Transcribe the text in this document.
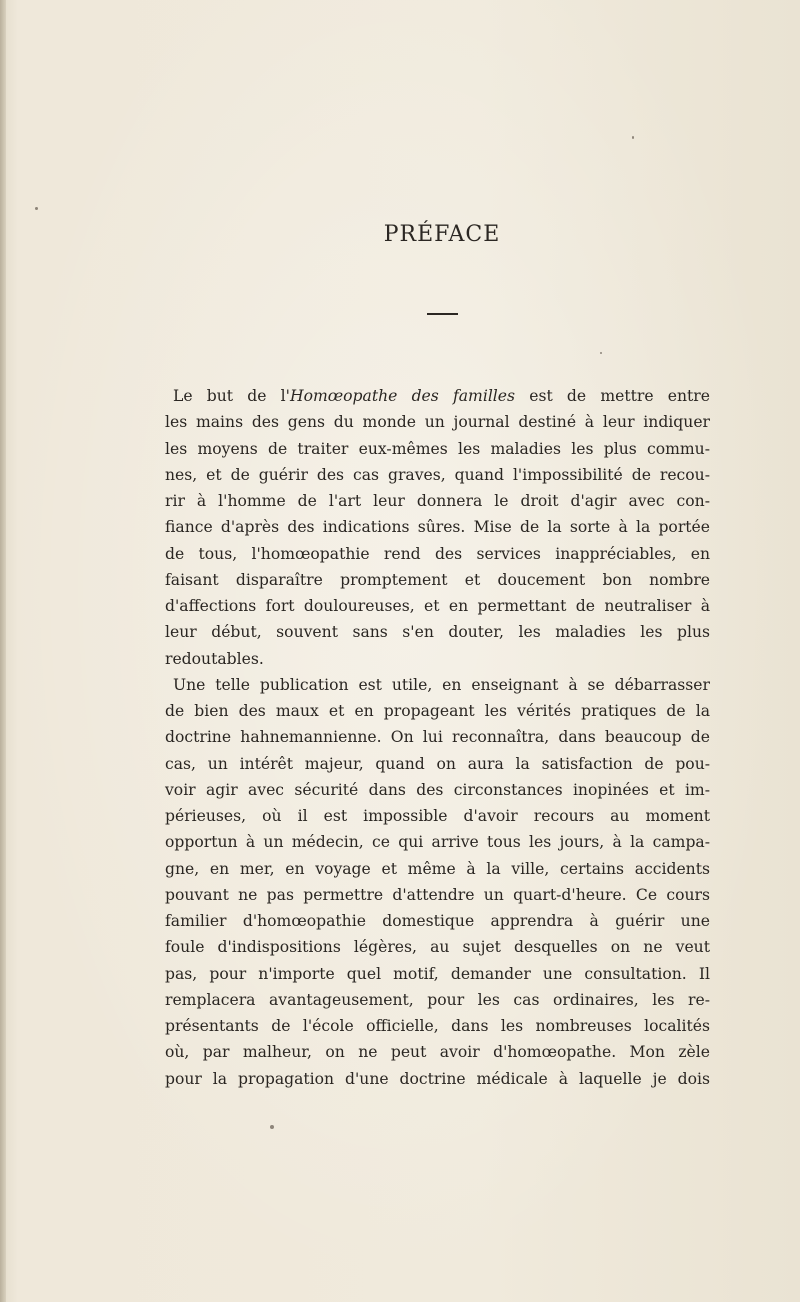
PRÉFACE
Le but de l'Homœopathe des familles est de mettre entre
les mains des gens du monde un journal destiné à leur indiquer
les moyens de traiter eux-mêmes les maladies les plus commu-
nes, et de guérir des cas graves, quand l'impossibilité de recou-
rir à l'homme de l'art leur donnera le droit d'agir avec con-
fiance d'après des indications sûres. Mise de la sorte à la portée
de tous, l'homœopathie rend des services inappréciables, en
faisant disparaître promptement et doucement bon nombre
d'affections fort douloureuses, et en permettant de neutraliser à
leur début, souvent sans s'en douter, les maladies les plus
redoutables.
Une telle publication est utile, en enseignant à se débarrasser
de bien des maux et en propageant les vérités pratiques de la
doctrine hahnemannienne. On lui reconnaîtra, dans beaucoup de
cas, un intérêt majeur, quand on aura la satisfaction de pou-
voir agir avec sécurité dans des circonstances inopinées et im-
périeuses, où il est impossible d'avoir recours au moment
opportun à un médecin, ce qui arrive tous les jours, à la campa-
gne, en mer, en voyage et même à la ville, certains accidents
pouvant ne pas permettre d'attendre un quart-d'heure. Ce cours
familier d'homœopathie domestique apprendra à guérir une
foule d'indispositions légères, au sujet desquelles on ne veut
pas, pour n'importe quel motif, demander une consultation. Il
remplacera avantageusement, pour les cas ordinaires, les re-
présentants de l'école officielle, dans les nombreuses localités
où, par malheur, on ne peut avoir d'homœopathe. Mon zèle
pour la propagation d'une doctrine médicale à laquelle je dois
